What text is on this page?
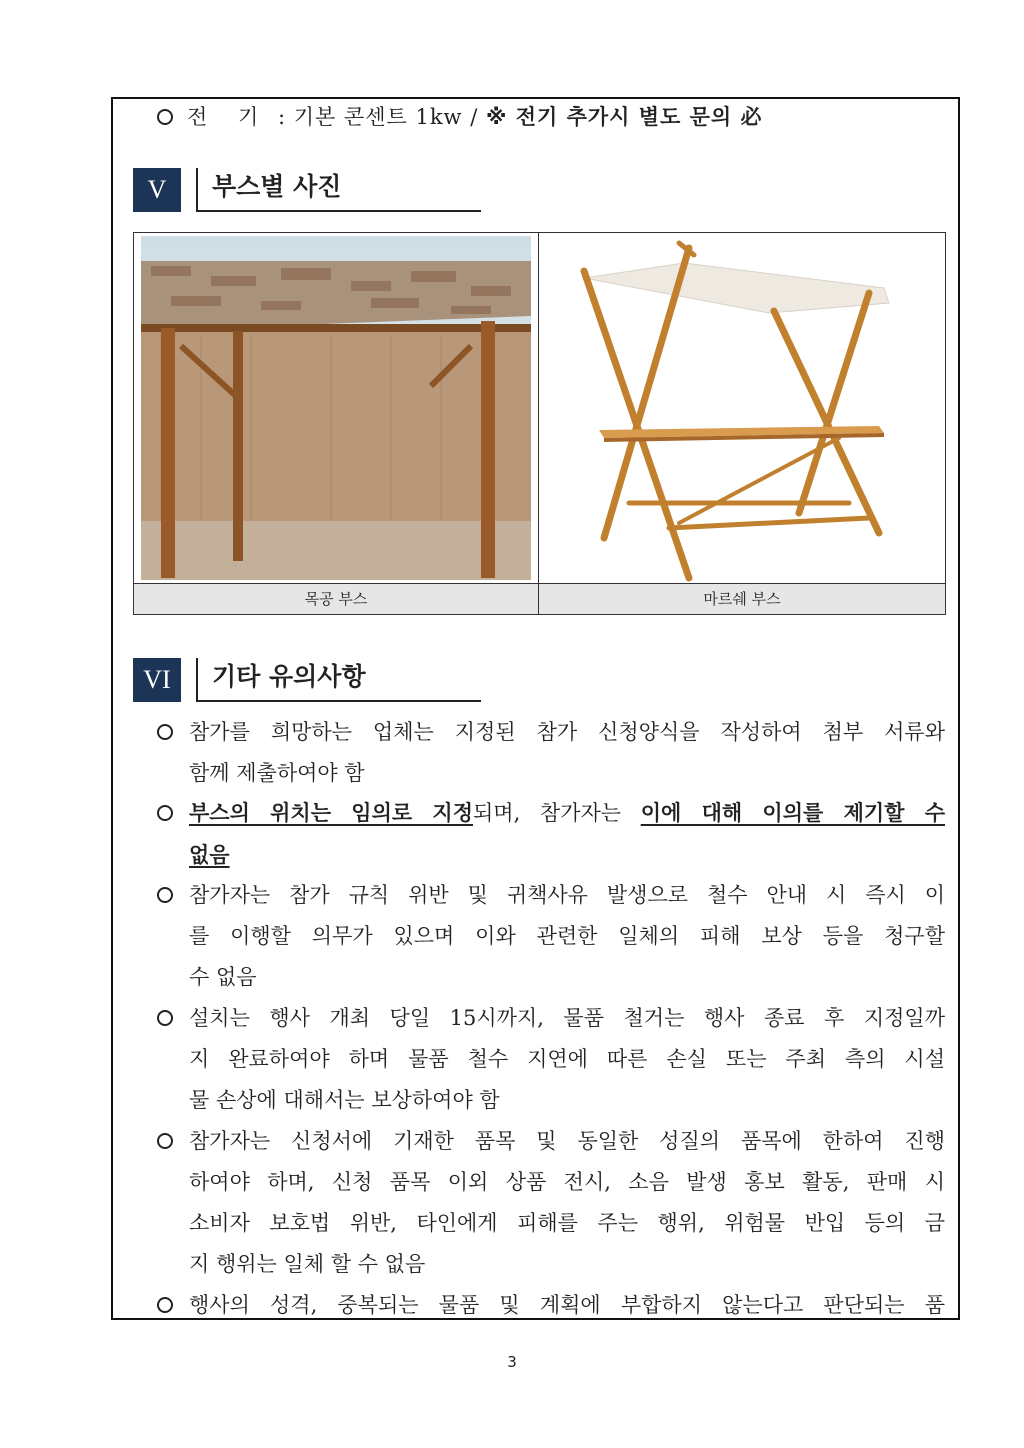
전 기 : 기본 콘센트 1kw / ※ 전기 추가시 별도 문의 必
V	부스별 사진
목공 부스	마르쉐 부스
VI	기타 유의사항
참가를 희망하는 업체는 지정된 참가 신청양식을 작성하여 첨부 서류와
함께 제출하여야 함
부스의 위치는 임의로 지정되며, 참가자는 이에 대해 이의를 제기할 수
없음
참가자는 참가 규칙 위반 및 귀책사유 발생으로 철수 안내 시 즉시 이
를 이행할 의무가 있으며 이와 관련한 일체의 피해 보상 등을 청구할
수 없음
설치는 행사 개최 당일 15시까지, 물품 철거는 행사 종료 후 지정일까
지 완료하여야 하며 물품 철수 지연에 따른 손실 또는 주최 측의 시설
물 손상에 대해서는 보상하여야 함
참가자는 신청서에 기재한 품목 및 동일한 성질의 품목에 한하여 진행
하여야 하며, 신청 품목 이외 상품 전시, 소음 발생 홍보 활동, 판매 시
소비자 보호법 위반, 타인에게 피해를 주는 행위, 위험물 반입 등의 금
지 행위는 일체 할 수 없음
행사의 성격, 중복되는 물품 및 계획에 부합하지 않는다고 판단되는 품
3
